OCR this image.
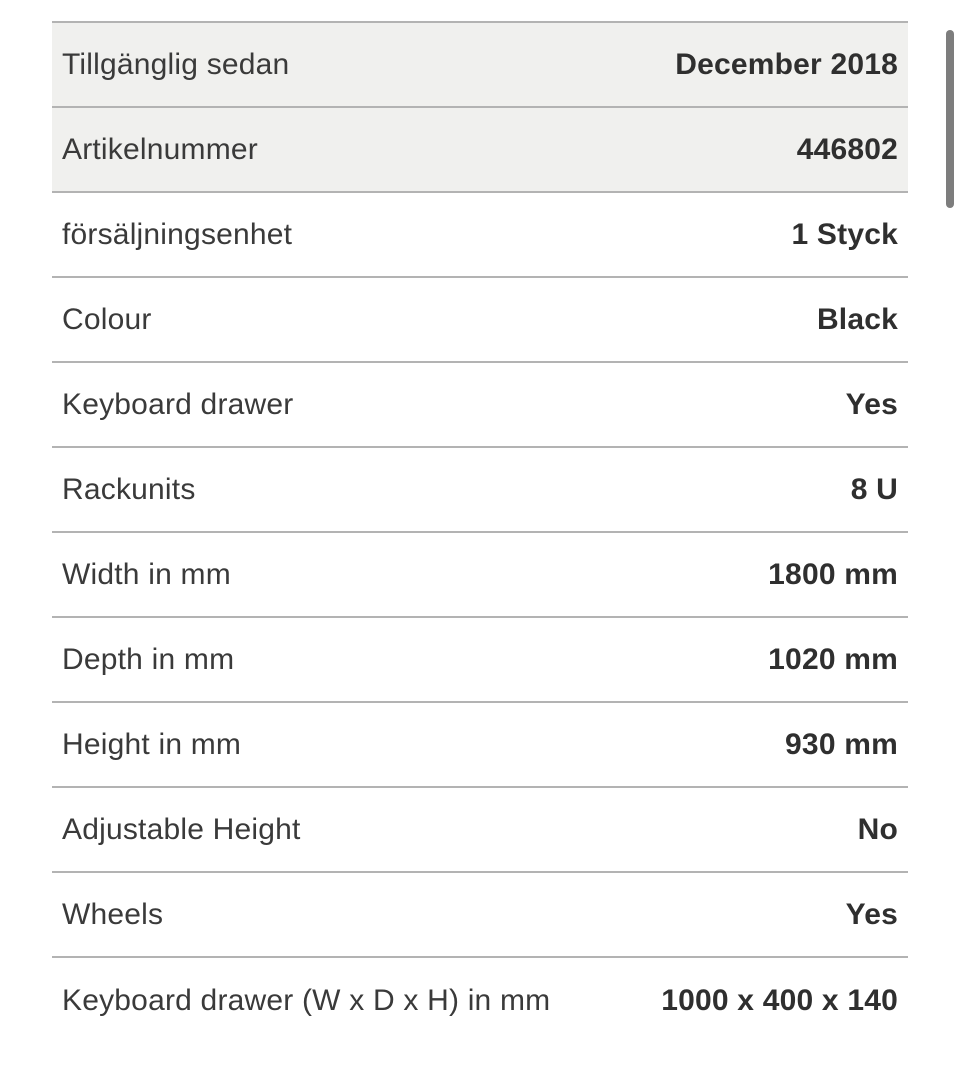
Tillgänglig sedan	December 2018
Artikelnummer	446802
försäljningsenhet	1 Styck
Colour	Black
Keyboard drawer	Yes
Rackunits	8 U
Width in mm	1800 mm
Depth in mm	1020 mm
Height in mm	930 mm
Adjustable Height	No
Wheels	Yes
Keyboard drawer (W x D x H) in mm	1000 x 400 x 140
